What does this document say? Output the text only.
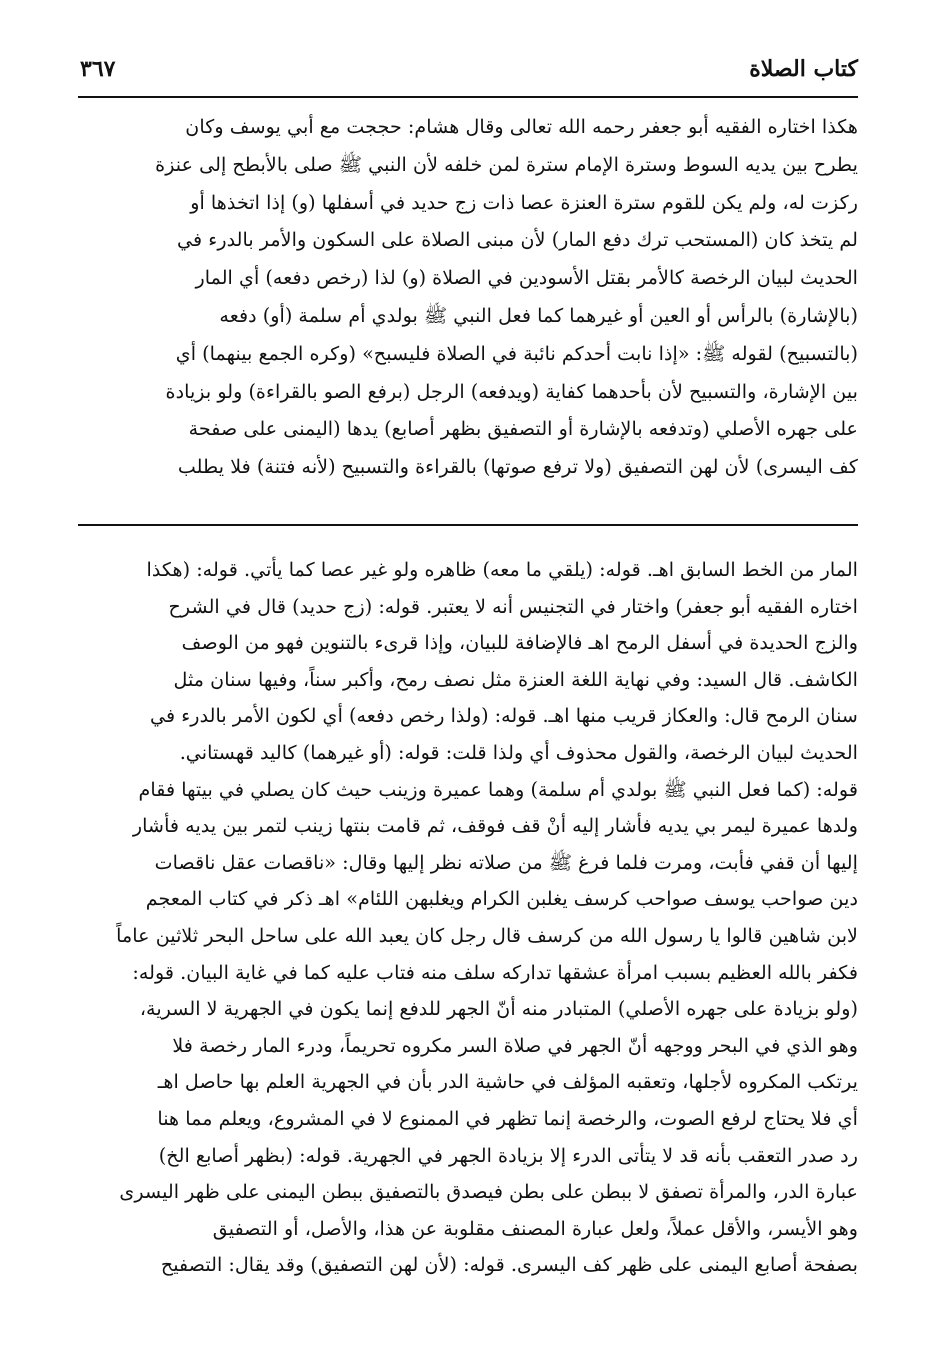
كتاب الصلاة
٣٦٧
هكذا اختاره الفقيه أبو جعفر رحمه الله تعالى وقال هشام: حججت مع أبي يوسف وكان
يطرح بين يديه السوط وسترة الإمام سترة لمن خلفه لأن النبي ﷺ صلى بالأبطح إلى عنزة
ركزت له، ولم يكن للقوم سترة العنزة عصا ذات زج حديد في أسفلها (و) إذا اتخذها أو
لم يتخذ كان (المستحب ترك دفع المار) لأن مبنى الصلاة على السكون والأمر بالدرء في
الحديث لبيان الرخصة كالأمر بقتل الأسودين في الصلاة (و) لذا (رخص دفعه) أي المار
(بالإشارة) بالرأس أو العين أو غيرهما كما فعل النبي ﷺ بولدي أم سلمة (أو) دفعه
(بالتسبيح) لقوله ﷺ: «إذا نابت أحدكم نائبة في الصلاة فليسبح» (وكره الجمع بينهما) أي
بين الإشارة، والتسبيح لأن بأحدهما كفاية (ويدفعه) الرجل (برفع الصو بالقراءة) ولو بزيادة
على جهره الأصلي (وتدفعه بالإشارة أو التصفيق بظهر أصابع) يدها (اليمنى على صفحة
كف اليسرى) لأن لهن التصفيق (ولا ترفع صوتها) بالقراءة والتسبيح (لأنه فتنة) فلا يطلب
المار من الخط السابق اهـ. قوله: (يلقي ما معه) ظاهره ولو غير عصا كما يأتي. قوله: (هكذا
اختاره الفقيه أبو جعفر) واختار في التجنيس أنه لا يعتبر. قوله: (زج حديد) قال في الشرح
والزج الحديدة في أسفل الرمح اهـ فالإضافة للبيان، وإذا قرىء بالتنوين فهو من الوصف
الكاشف. قال السيد: وفي نهاية اللغة العنزة مثل نصف رمح، وأكبر سناً، وفيها سنان مثل
سنان الرمح قال: والعكاز قريب منها اهـ. قوله: (ولذا رخص دفعه) أي لكون الأمر بالدرء في
الحديث لبيان الرخصة، والقول محذوف أي ولذا قلت: قوله: (أو غيرهما) كاليد قهستاني.
قوله: (كما فعل النبي ﷺ بولدي أم سلمة) وهما عميرة وزينب حيث كان يصلي في بيتها فقام
ولدها عميرة ليمر بي يديه فأشار إليه أنْ قف فوقف، ثم قامت بنتها زينب لتمر بين يديه فأشار
إليها أن قفي فأبت، ومرت فلما فرغ ﷺ من صلاته نظر إليها وقال: «ناقصات عقل ناقصات
دين صواحب يوسف صواحب كرسف يغلبن الكرام ويغلبهن اللئام» اهـ ذكر في كتاب المعجم
لابن شاهين قالوا يا رسول الله من كرسف قال رجل كان يعبد الله على ساحل البحر ثلاثين عاماً
فكفر بالله العظيم بسبب امرأة عشقها تداركه سلف منه فتاب عليه كما في غاية البيان. قوله:
(ولو بزيادة على جهره الأصلي) المتبادر منه أنّ الجهر للدفع إنما يكون في الجهرية لا السرية،
وهو الذي في البحر ووجهه أنّ الجهر في صلاة السر مكروه تحريماً، ودرء المار رخصة فلا
يرتكب المكروه لأجلها، وتعقبه المؤلف في حاشية الدر بأن في الجهرية العلم بها حاصل اهـ
أي فلا يحتاج لرفع الصوت، والرخصة إنما تظهر في الممنوع لا في المشروع، ويعلم مما هنا
رد صدر التعقب بأنه قد لا يتأتى الدرء إلا بزيادة الجهر في الجهرية. قوله: (بظهر أصابع الخ)
عبارة الدر، والمرأة تصفق لا ببطن على بطن فيصدق بالتصفيق ببطن اليمنى على ظهر اليسرى
وهو الأيسر، والأقل عملاً، ولعل عبارة المصنف مقلوبة عن هذا، والأصل، أو التصفيق
بصفحة أصابع اليمنى على ظهر كف اليسرى. قوله: (لأن لهن التصفيق) وقد يقال: التصفيح
